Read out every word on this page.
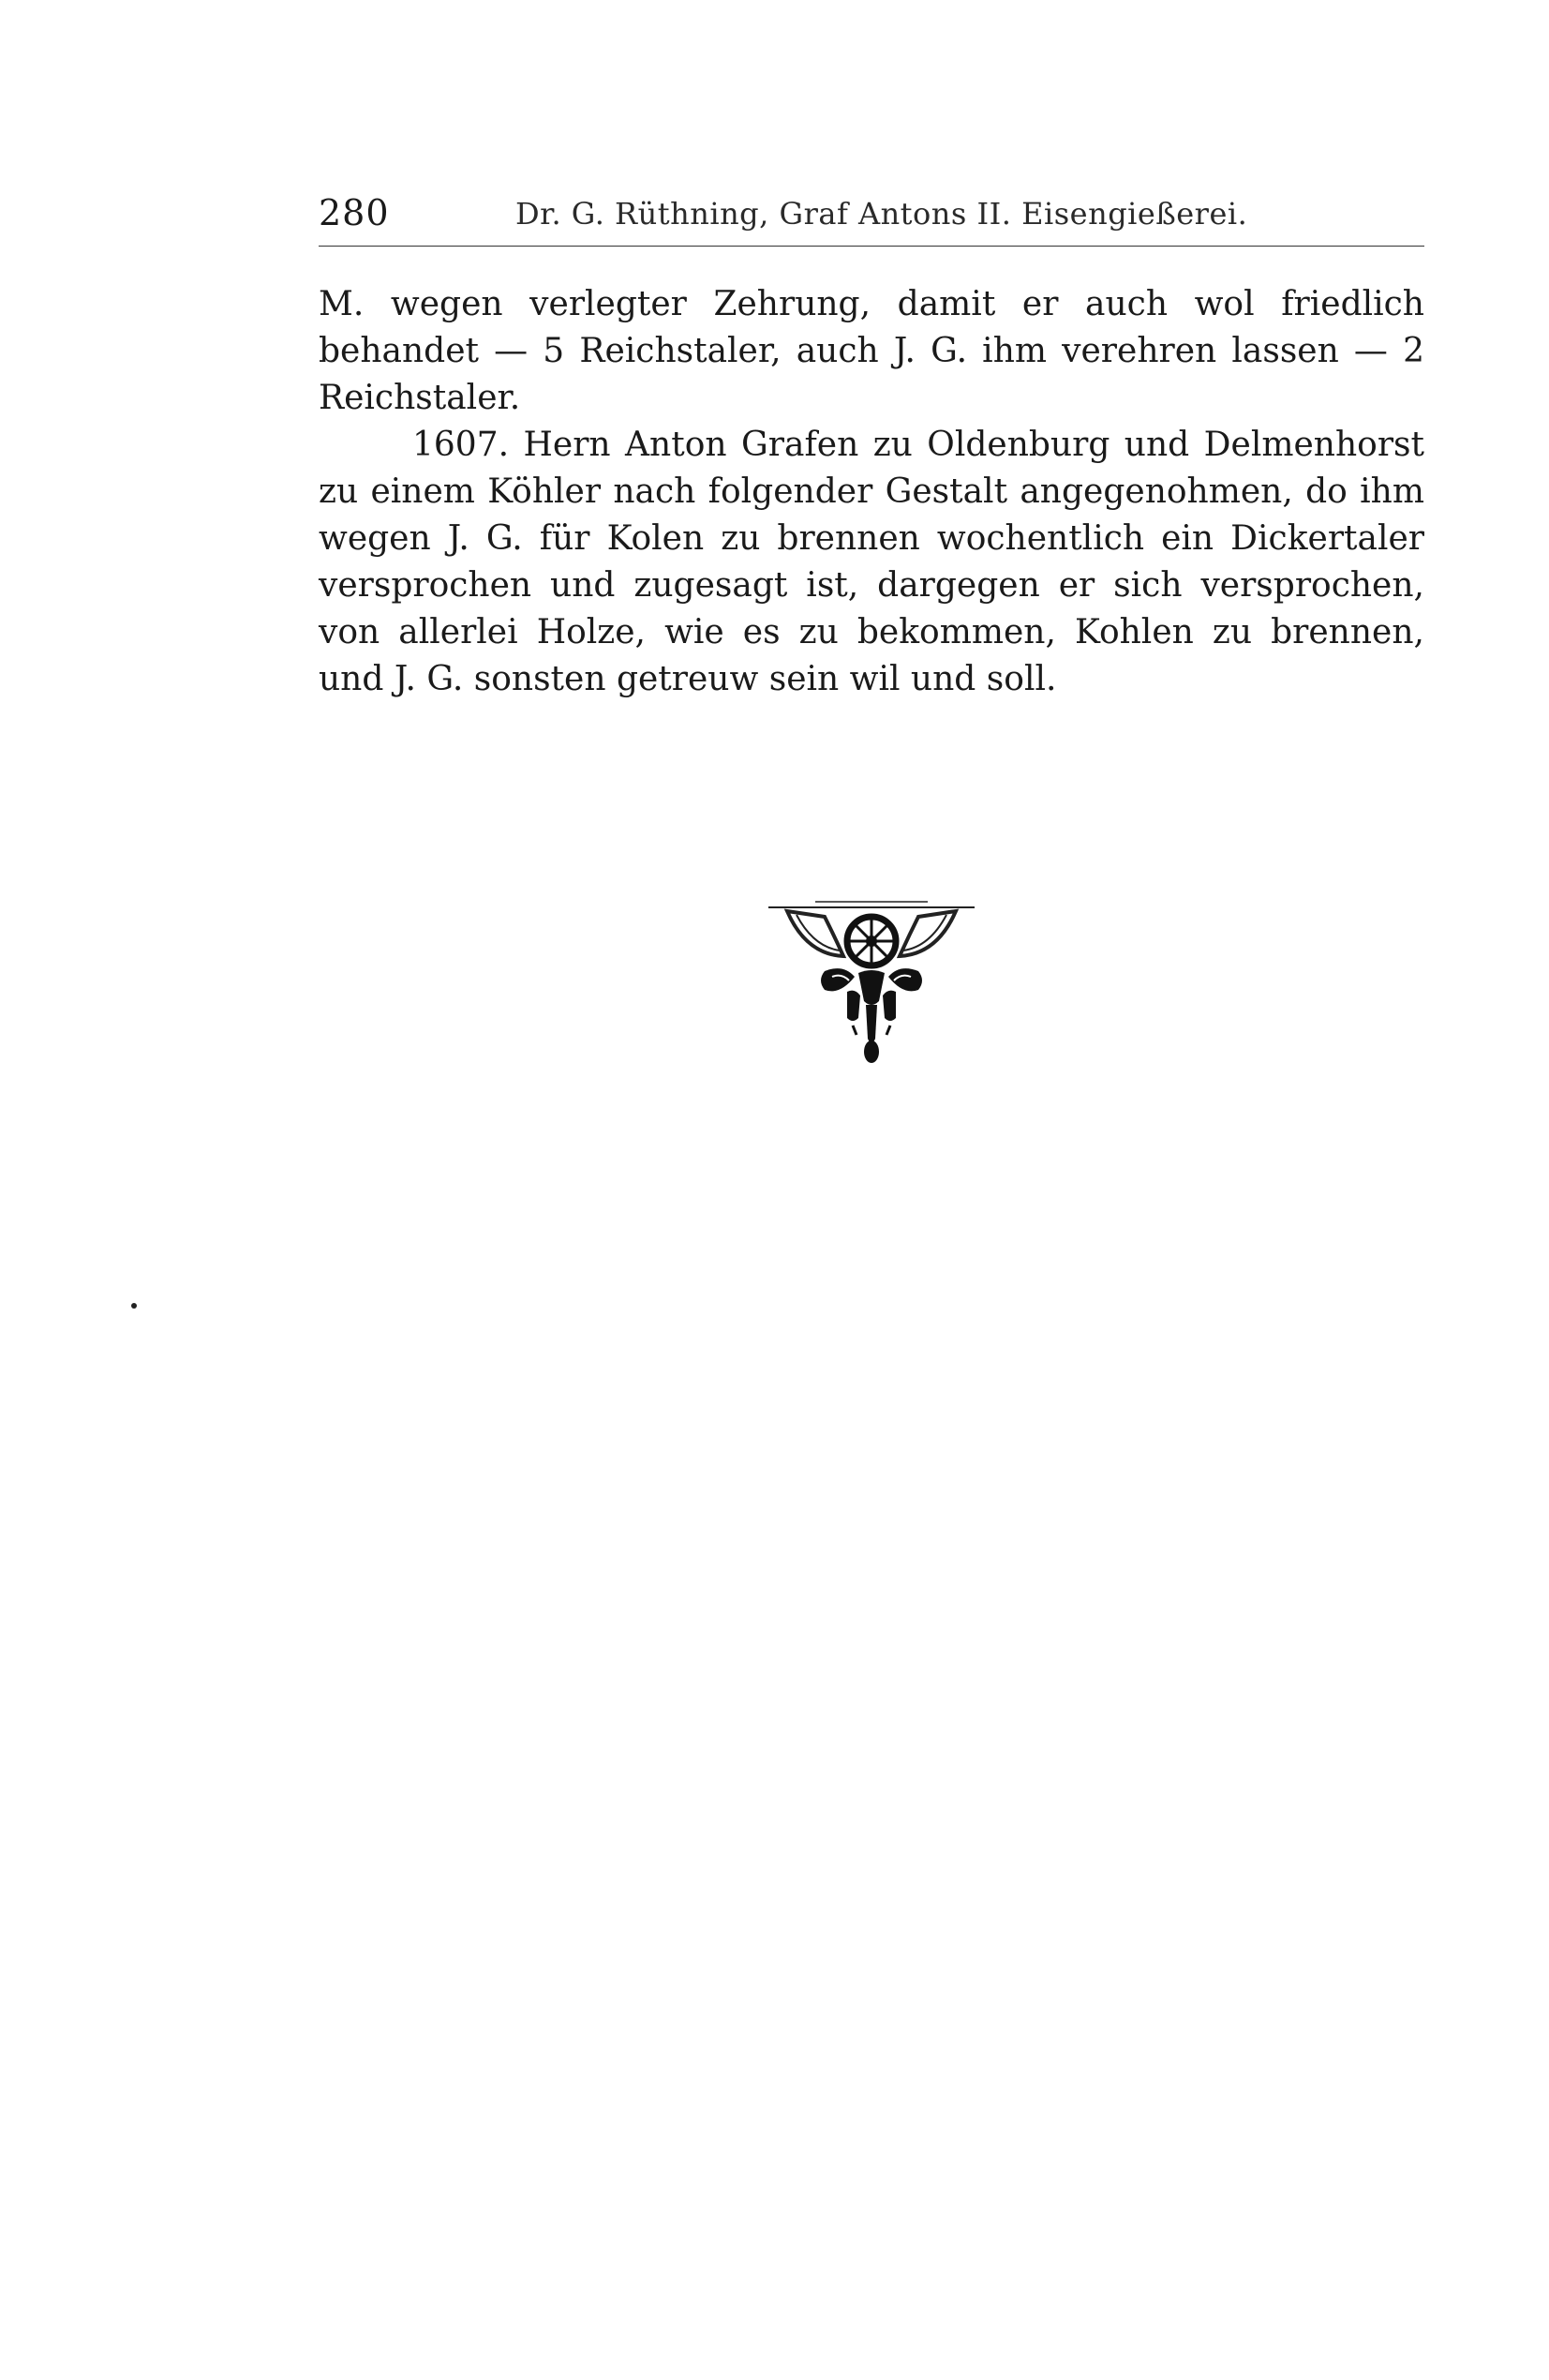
280	Dr. G. Rüthning, Graf Antons II. Eisengießerei.

M. wegen verlegter Zehrung, damit er auch wol friedlich behandet — 5 Reichstaler, auch J. G. ihm verehren lassen — 2 Reichstaler.

1607. Hern Anton Grafen zu Oldenburg und Delmenhorst zu einem Köhler nach folgender Gestalt angegenohmen, do ihm wegen J. G. für Kolen zu brennen wochentlich ein Dickertaler versprochen und zugesagt ist, dargegen er sich versprochen, von allerlei Holze, wie es zu bekommen, Kohlen zu brennen, und J. G. sonsten getreuw sein wil und soll.
